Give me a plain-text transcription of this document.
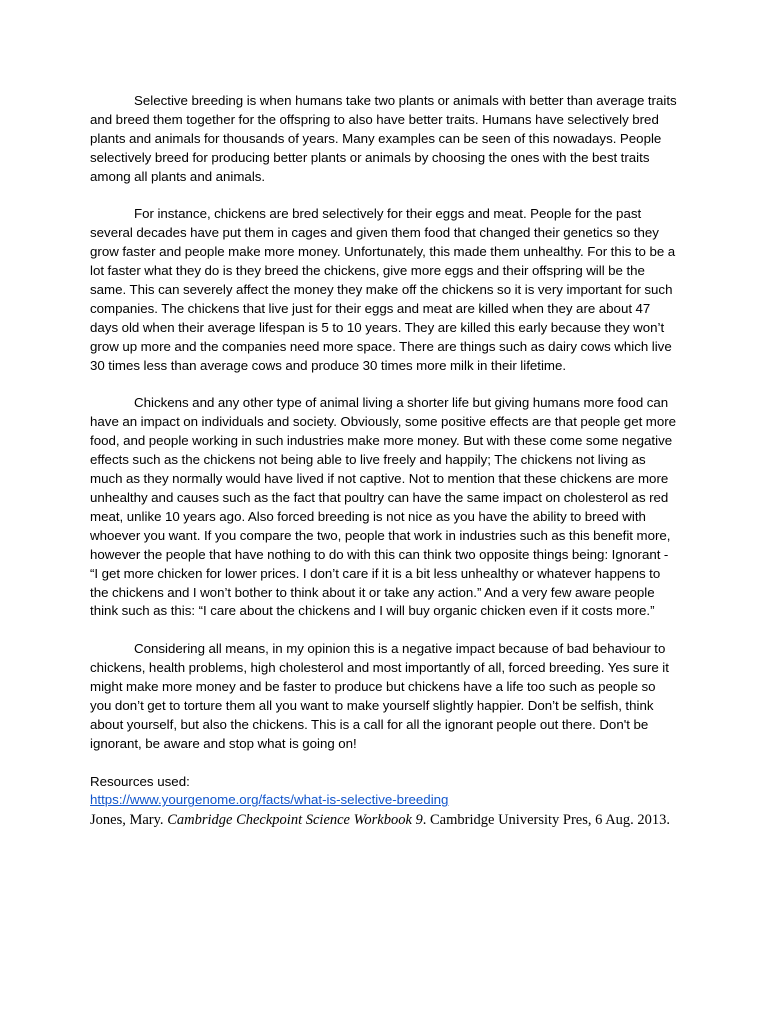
Selective breeding is when humans take two plants or animals with better than average traits and breed them together for the offspring to also have better traits. Humans have selectively bred plants and animals for thousands of years. Many examples can be seen of this nowadays. People selectively breed for producing better plants or animals by choosing the ones with the best traits among all plants and animals.

For instance, chickens are bred selectively for their eggs and meat. People for the past several decades have put them in cages and given them food that changed their genetics so they grow faster and people make more money. Unfortunately, this made them unhealthy. For this to be a lot faster what they do is they breed the chickens, give more eggs and their offspring will be the same. This can severely affect the money they make off the chickens so it is very important for such companies. The chickens that live just for their eggs and meat are killed when they are about 47 days old when their average lifespan is 5 to 10 years. They are killed this early because they won’t grow up more and the companies need more space. There are things such as dairy cows which live 30 times less than average cows and produce 30 times more milk in their lifetime.

Chickens and any other type of animal living a shorter life but giving humans more food can have an impact on individuals and society. Obviously, some positive effects are that people get more food, and people working in such industries make more money. But with these come some negative effects such as the chickens not being able to live freely and happily; The chickens not living as much as they normally would have lived if not captive. Not to mention that these chickens are more unhealthy and causes such as the fact that poultry can have the same impact on cholesterol as red meat, unlike 10 years ago. Also forced breeding is not nice as you have the ability to breed with whoever you want. If you compare the two, people that work in industries such as this benefit more, however the people that have nothing to do with this can think two opposite things being: Ignorant - “I get more chicken for lower prices. I don’t care if it is a bit less unhealthy or whatever happens to the chickens and I won’t bother to think about it or take any action.” And a very few aware people think such as this: “I care about the chickens and I will buy organic chicken even if it costs more.”

Considering all means, in my opinion this is a negative impact because of bad behaviour to chickens, health problems, high cholesterol and most importantly of all, forced breeding. Yes sure it might make more money and be faster to produce but chickens have a life too such as people so you don’t get to torture them all you want to make yourself slightly happier. Don’t be selfish, think about yourself, but also the chickens. This is a call for all the ignorant people out there. Don't be ignorant, be aware and stop what is going on!

Resources used:

https://www.yourgenome.org/facts/what-is-selective-breeding

Jones, Mary. Cambridge Checkpoint Science Workbook 9. Cambridge University Pres, 6 Aug. 2013.
